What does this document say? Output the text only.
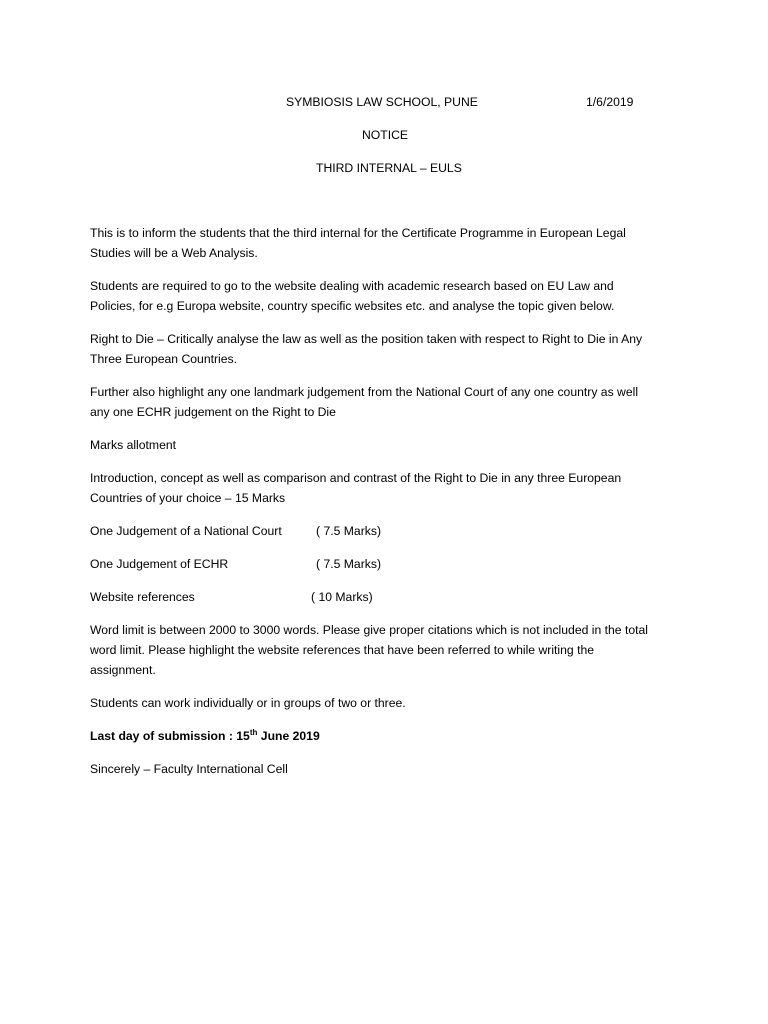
SYMBIOSIS LAW SCHOOL, PUNE	1/6/2019
NOTICE
THIRD INTERNAL – EULS
This is to inform the students that the third internal for the Certificate Programme in European Legal
Studies will be a Web Analysis.
Students are required to go to the website dealing with academic research based on EU Law and
Policies, for e.g Europa website, country specific websites etc. and analyse the topic given below.
Right to Die – Critically analyse the law as well as the position taken with respect to Right to Die in Any
Three European Countries.
Further also highlight any one landmark judgement from the National Court of any one country as well
any one ECHR judgement on the Right to Die
Marks allotment
Introduction, concept as well as comparison and contrast of the Right to Die in any three European
Countries of your choice – 15 Marks
One Judgement of a National Court	( 7.5 Marks)
One Judgement of ECHR	( 7.5 Marks)
Website references	( 10 Marks)
Word limit is between 2000 to 3000 words. Please give proper citations which is not included in the total
word limit. Please highlight the website references that have been referred to while writing the
assignment.
Students can work individually or in groups of two or three.
Last day of submission : 15th June 2019
Sincerely – Faculty International Cell
